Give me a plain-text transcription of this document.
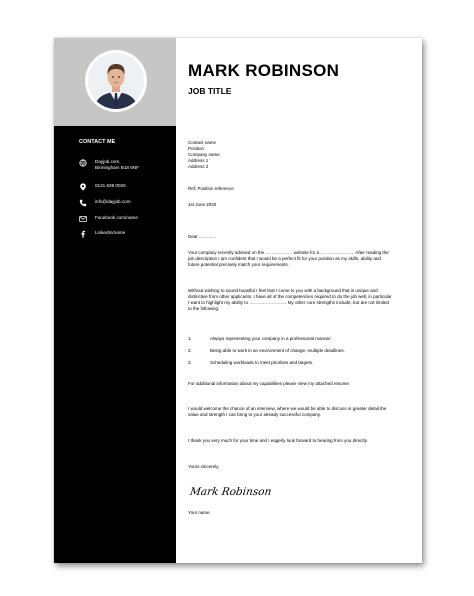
MARK ROBINSON
JOB TITLE
CONTACT ME
Dayjob.com,
Birmingham B18 6NF
0121 638 0026
info@dayjob.com
Facebook.com/name
LinkedIn/name
Contact name
Position
Company name
Address 1
Address 2
Ref; Position reference
1st June 2020
Dear ………..
Your company recently advised on the ……………… website for a ………………….. After reading the job description I am confident that I would be a perfect fit for your position as my skills, ability and future potential precisely match your requirements.
Without wishing to sound boastful I feel that I come to you with a background that is unique and distinctive from other applicants. I have all of the competencies required to do the job well, in particular I want to highlight my ability to ……………………. My other core strengths include, but are not limited to the following:
1.	Always representing your company in a professional manner.
2.	Being able to work in an environment of change, multiple deadlines.
3.	Scheduling workloads to meet priorities and targets.
For additional information about my capabilities please view my attached resume.
I would welcome the chance of an interview, where we would be able to discuss in greater detail the value and strength I can bring to your already successful company.
I thank you very much for your time and I eagerly look forward to hearing from you directly.
Yours sincerely,
Mark Robinson
Your name
